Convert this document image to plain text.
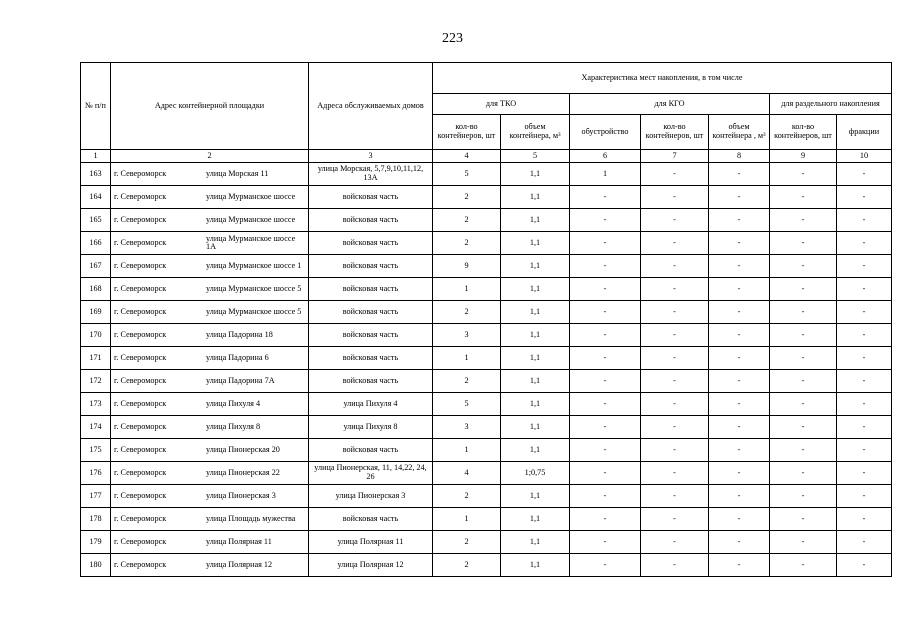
223
№ п/п	Адрес контейнерной площадки	Адреса обслуживаемых домов	Характеристика мест накопления, в том числе						
			для ТКО		для КГО			для раздельного накопления	
			кол-во контейнеров, шт	объем контейнера, м³	обустройство	кол-во контейнеров, шт	объем контейнера , м³	кол-во контейнеров, шт	фракции
1	2	3	4	5	6	7	8	9	10
163	г. Североморск улица Морская 11	улица Морская, 5,7,9,10,11,12, 13А	5	1,1	1	-	-	-	-
164	г. Североморск улица Мурманское шоссе	войсковая часть	2	1,1	-	-	-	-	-
165	г. Североморск улица Мурманское шоссе	войсковая часть	2	1,1	-	-	-	-	-
166	г. Североморск улица Мурманское шоссе 1А	войсковая часть	2	1,1	-	-	-	-	-
167	г. Североморск улица Мурманское шоссе 1	войсковая часть	9	1,1	-	-	-	-	-
168	г. Североморск улица Мурманское шоссе 5	войсковая часть	1	1,1	-	-	-	-	-
169	г. Североморск улица Мурманское шоссе 5	войсковая часть	2	1,1	-	-	-	-	-
170	г. Североморск улица Падорина 18	войсковая часть	3	1,1	-	-	-	-	-
171	г. Североморск улица Падорина 6	войсковая часть	1	1,1	-	-	-	-	-
172	г. Североморск улица Падорина 7А	войсковая часть	2	1,1	-	-	-	-	-
173	г. Североморск улица Пихуля 4	улица Пихуля 4	5	1,1	-	-	-	-	-
174	г. Североморск улица Пихуля 8	улица Пихуля 8	3	1,1	-	-	-	-	-
175	г. Североморск улица Пионерская 20	войсковая часть	1	1,1	-	-	-	-	-
176	г. Североморск улица Пионерская 22	улица Пионерская, 11, 14,22, 24, 26	4	1;0,75	-	-	-	-	-
177	г. Североморск улица Пионерская 3	улица Пионерская 3	2	1,1	-	-	-	-	-
178	г. Североморск улица Площадь мужества	войсковая часть	1	1,1	-	-	-	-	-
179	г. Североморск улица Полярная 11	улица Полярная 11	2	1,1	-	-	-	-	-
180	г. Североморск улица Полярная 12	улица Полярная 12	2	1,1	-	-	-	-	-
